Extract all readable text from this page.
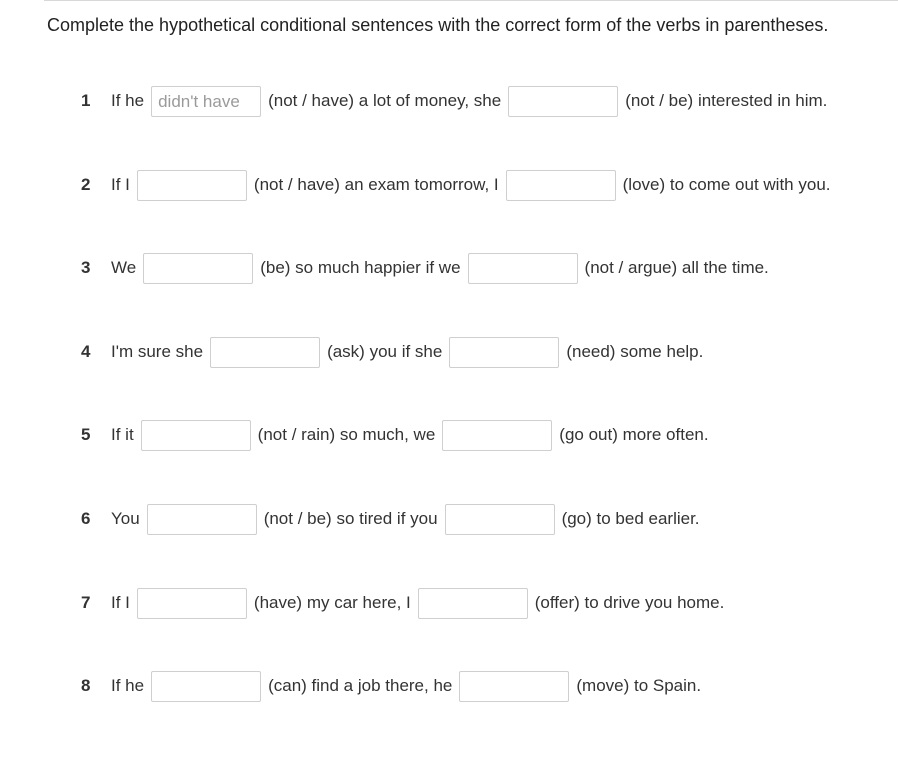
Complete the hypothetical conditional sentences with the correct form of the verbs in parentheses.
1	If he didn't have	(not / have) a lot of money, she	(not / be) interested in him.
2	If I	(not / have) an exam tomorrow, I	(love) to come out with you.
3	We	(be) so much happier if we	(not / argue) all the time.
4	I'm sure she	(ask) you if she	(need) some help.
5	If it	(not / rain) so much, we	(go out) more often.
6	You	(not / be) so tired if you	(go) to bed earlier.
7	If I	(have) my car here, I	(offer) to drive you home.
8	If he	(can) find a job there, he	(move) to Spain.
